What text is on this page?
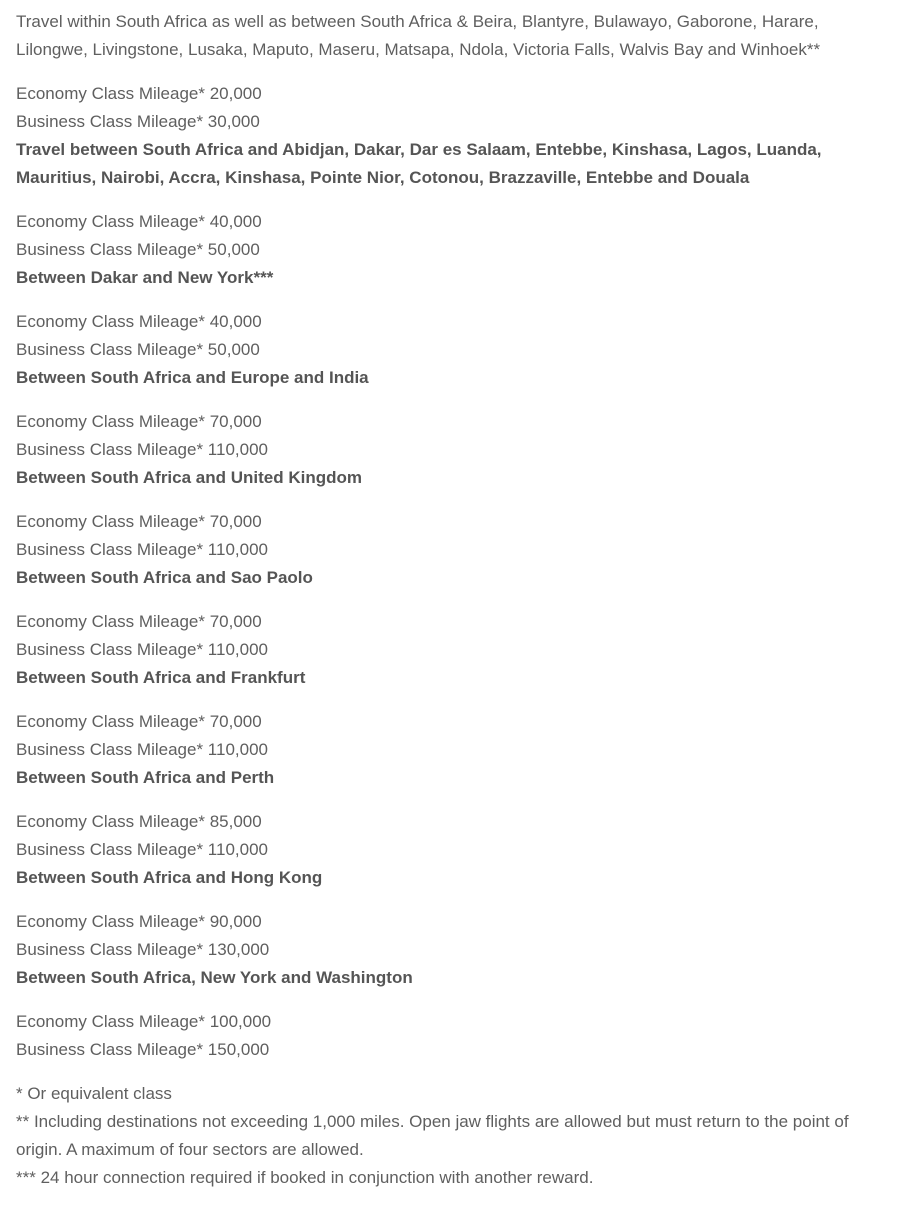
Travel within South Africa as well as between South Africa & Beira, Blantyre, Bulawayo, Gaborone, Harare, Lilongwe, Livingstone, Lusaka, Maputo, Maseru, Matsapa, Ndola, Victoria Falls, Walvis Bay and Winhoek**

Economy Class Mileage* 20,000
Business Class Mileage* 30,000
Travel between South Africa and Abidjan, Dakar, Dar es Salaam, Entebbe, Kinshasa, Lagos, Luanda, Mauritius, Nairobi, Accra, Kinshasa, Pointe Nior, Cotonou, Brazzaville, Entebbe and Douala
Economy Class Mileage* 40,000
Business Class Mileage* 50,000
Between Dakar and New York***
Economy Class Mileage* 40,000
Business Class Mileage* 50,000
Between South Africa and Europe and India
Economy Class Mileage* 70,000
Business Class Mileage* 110,000
Between South Africa and United Kingdom
Economy Class Mileage* 70,000
Business Class Mileage* 110,000
Between South Africa and Sao Paolo
Economy Class Mileage* 70,000
Business Class Mileage* 110,000
Between South Africa and Frankfurt
Economy Class Mileage* 70,000
Business Class Mileage* 110,000
Between South Africa and Perth
Economy Class Mileage* 85,000
Business Class Mileage* 110,000
Between South Africa and Hong Kong
Economy Class Mileage* 90,000
Business Class Mileage* 130,000
Between South Africa, New York and Washington
Economy Class Mileage* 100,000
Business Class Mileage* 150,000
* Or equivalent class
** Including destinations not exceeding 1,000 miles. Open jaw flights are allowed but must return to the point of origin. A maximum of four sectors are allowed.
*** 24 hour connection required if booked in conjunction with another reward.
